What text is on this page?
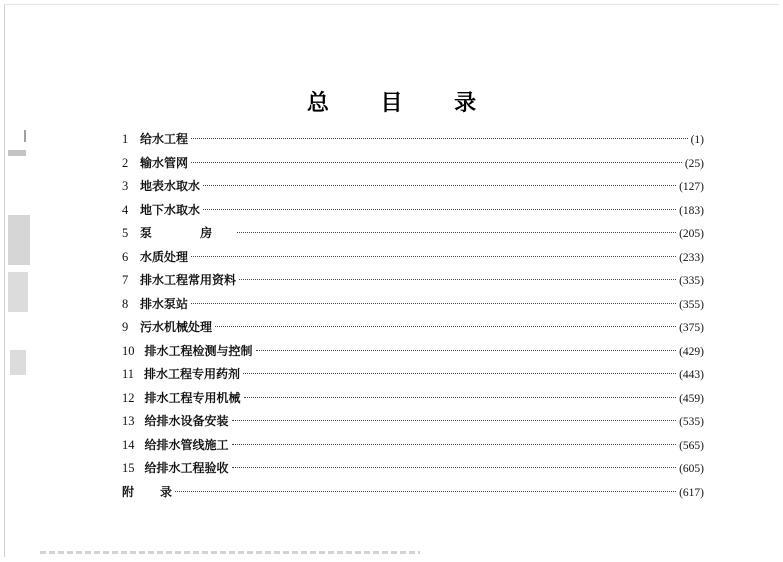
总 目 录
1 给水工程	(1)
2 输水管网	(25)
3 地表水取水	(127)
4 地下水取水	(183)
5 泵 房	(205)
6 水质处理	(233)
7 排水工程常用资料	(335)
8 排水泵站	(355)
9 污水机械处理	(375)
10 排水工程检测与控制	(429)
11 排水工程专用药剂	(443)
12 排水工程专用机械	(459)
13 给排水设备安装	(535)
14 给排水管线施工	(565)
15 给排水工程验收	(605)
附 录	(617)
